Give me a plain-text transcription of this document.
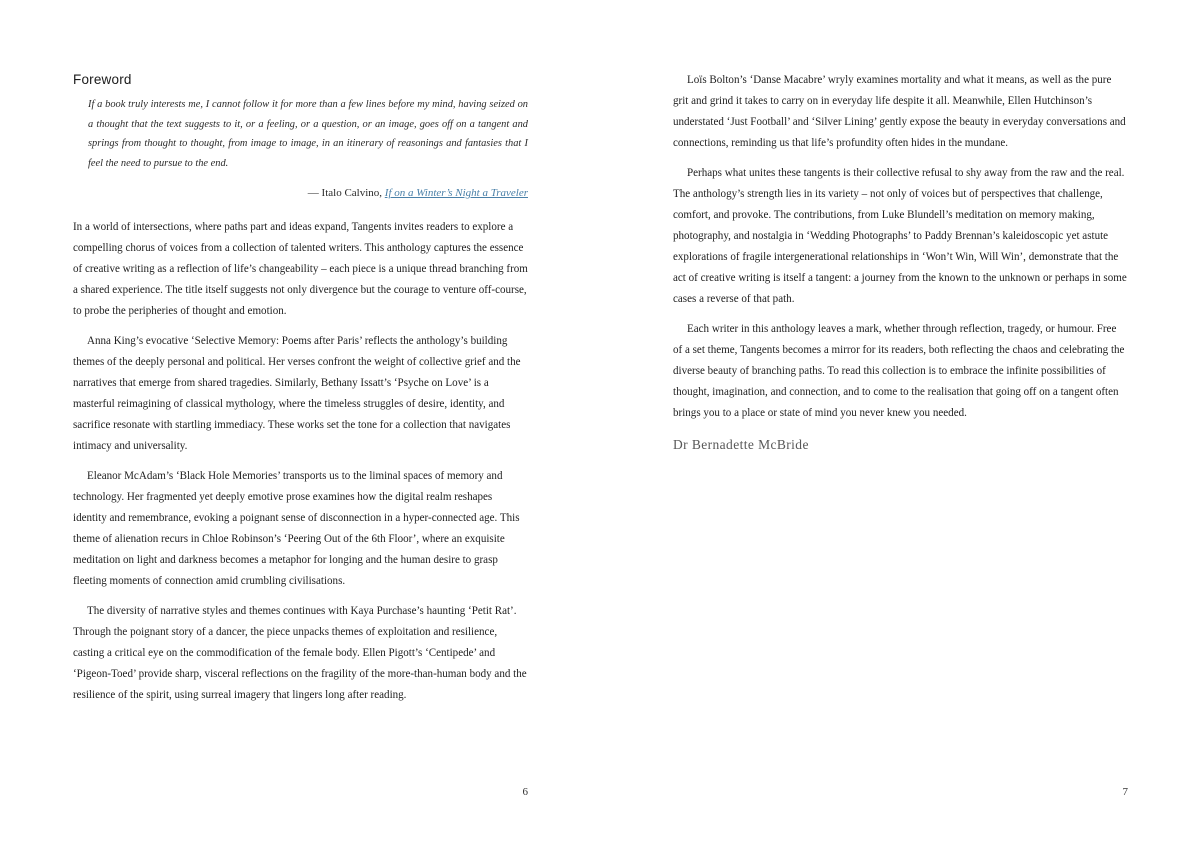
Foreword

If a book truly interests me, I cannot follow it for more than a few lines before my mind, having seized on a thought that the text suggests to it, or a feeling, or a question, or an image, goes off on a tangent and springs from thought to thought, from image to image, in an itinerary of reasonings and fantasies that I feel the need to pursue to the end.

— Italo Calvino, If on a Winter’s Night a Traveler

In a world of intersections, where paths part and ideas expand, Tangents invites readers to explore a compelling chorus of voices from a collection of talented writers. This anthology captures the essence of creative writing as a reflection of life’s changeability – each piece is a unique thread branching from a shared experience. The title itself suggests not only divergence but the courage to venture off-course, to probe the peripheries of thought and emotion.

Anna King’s evocative ‘Selective Memory: Poems after Paris’ reflects the anthology’s building themes of the deeply personal and political. Her verses confront the weight of collective grief and the narratives that emerge from shared tragedies. Similarly, Bethany Issatt’s ‘Psyche on Love’ is a masterful reimagining of classical mythology, where the timeless struggles of desire, identity, and sacrifice resonate with startling immediacy. These works set the tone for a collection that navigates intimacy and universality.

Eleanor McAdam’s ‘Black Hole Memories’ transports us to the liminal spaces of memory and technology. Her fragmented yet deeply emotive prose examines how the digital realm reshapes identity and remembrance, evoking a poignant sense of disconnection in a hyper-connected age. This theme of alienation recurs in Chloe Robinson’s ‘Peering Out of the 6th Floor’, where an exquisite meditation on light and darkness becomes a metaphor for longing and the human desire to grasp fleeting moments of connection amid crumbling civilisations.

The diversity of narrative styles and themes continues with Kaya Purchase’s haunting ‘Petit Rat’. Through the poignant story of a dancer, the piece unpacks themes of exploitation and resilience, casting a critical eye on the commodification of the female body. Ellen Pigott’s ‘Centipede’ and ‘Pigeon-Toed’ provide sharp, visceral reflections on the fragility of the more-than-human body and the resilience of the spirit, using surreal imagery that lingers long after reading.

6

Loïs Bolton’s ‘Danse Macabre’ wryly examines mortality and what it means, as well as the pure grit and grind it takes to carry on in everyday life despite it all. Meanwhile, Ellen Hutchinson’s understated ‘Just Football’ and ‘Silver Lining’ gently expose the beauty in everyday conversations and connections, reminding us that life’s profundity often hides in the mundane.

Perhaps what unites these tangents is their collective refusal to shy away from the raw and the real. The anthology’s strength lies in its variety – not only of voices but of perspectives that challenge, comfort, and provoke. The contributions, from Luke Blundell’s meditation on memory making, photography, and nostalgia in ‘Wedding Photographs’ to Paddy Brennan’s kaleidoscopic yet astute explorations of fragile intergenerational relationships in ‘Won’t Win, Will Win’, demonstrate that the act of creative writing is itself a tangent: a journey from the known to the unknown or perhaps in some cases a reverse of that path.

Each writer in this anthology leaves a mark, whether through reflection, tragedy, or humour. Free of a set theme, Tangents becomes a mirror for its readers, both reflecting the chaos and celebrating the diverse beauty of branching paths. To read this collection is to embrace the infinite possibilities of thought, imagination, and connection, and to come to the realisation that going off on a tangent often brings you to a place or state of mind you never knew you needed.

Dr Bernadette McBride

7
